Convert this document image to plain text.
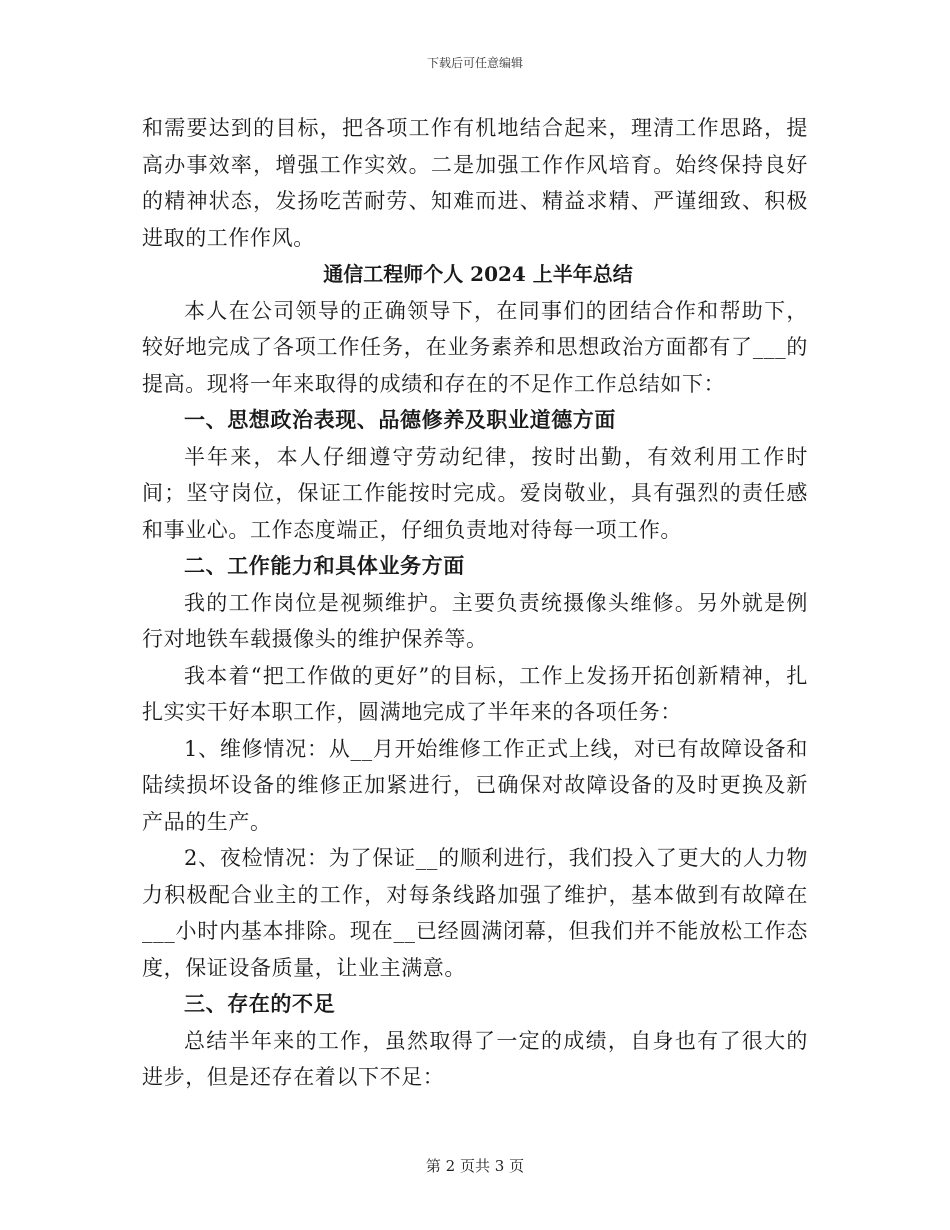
下载后可任意编辑

和需要达到的目标，把各项工作有机地结合起来，理清工作思路，提高办事效率，增强工作实效。二是加强工作作风培育。始终保持良好的精神状态，发扬吃苦耐劳、知难而进、精益求精、严谨细致、积极进取的工作作风。

通信工程师个人 2024 上半年总结

本人在公司领导的正确领导下，在同事们的团结合作和帮助下，较好地完成了各项工作任务，在业务素养和思想政治方面都有了___的提高。现将一年来取得的成绩和存在的不足作工作总结如下：

一、思想政治表现、品德修养及职业道德方面

半年来，本人仔细遵守劳动纪律，按时出勤，有效利用工作时间；坚守岗位，保证工作能按时完成。爱岗敬业，具有强烈的责任感和事业心。工作态度端正，仔细负责地对待每一项工作。

二、工作能力和具体业务方面

我的工作岗位是视频维护。主要负责统摄像头维修。另外就是例行对地铁车载摄像头的维护保养等。

我本着“把工作做的更好”的目标，工作上发扬开拓创新精神，扎扎实实干好本职工作，圆满地完成了半年来的各项任务：

1、维修情况：从__月开始维修工作正式上线，对已有故障设备和陆续损坏设备的维修正加紧进行，已确保对故障设备的及时更换及新产品的生产。

2、夜检情况：为了保证__的顺利进行，我们投入了更大的人力物力积极配合业主的工作，对每条线路加强了维护，基本做到有故障在___小时内基本排除。现在__已经圆满闭幕，但我们并不能放松工作态度，保证设备质量，让业主满意。

三、存在的不足

总结半年来的工作，虽然取得了一定的成绩，自身也有了很大的进步，但是还存在着以下不足：

第 2 页共 3 页
